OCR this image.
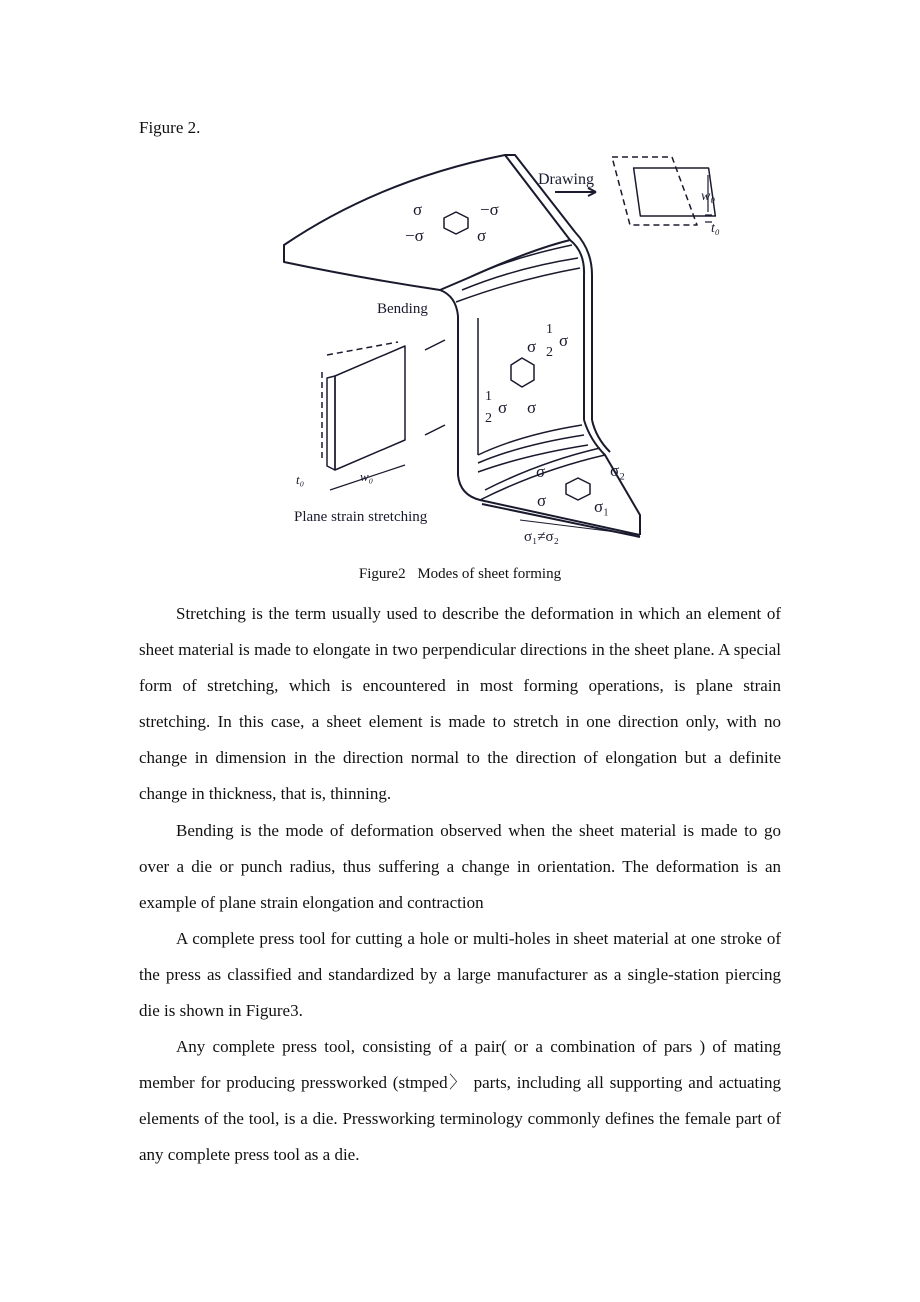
Figure 2.
Drawing
Bending
Plane strain stretching
σ	−σ
−σ	σ
σ
1
2
σ
1
2
σ σ
σ
σ
σ₂
σ₁
σ₁≠σ₂
w₀
t₀
t₀	w₀
Figure2 Modes of sheet forming

Stretching is the term usually used to describe the deformation in which an element of sheet material is made to elongate in two perpendicular directions in the sheet plane. A special form of stretching, which is encountered in most forming operations, is plane strain stretching. In this case, a sheet element is made to stretch in one direction only, with no change in dimension in the direction normal to the direction of elongation but a definite change in thickness, that is, thinning.

Bending is the mode of deformation observed when the sheet material is made to go over a die or punch radius, thus suffering a change in orientation. The deformation is an example of plane strain elongation and contraction

A complete press tool for cutting a hole or multi-holes in sheet material at one stroke of the press as classified and standardized by a large manufacturer as a single-station piercing die is shown in Figure3.

Any complete press tool, consisting of a pair( or a combination of pars ) of mating member for producing pressworked (stmped〉 parts, including all supporting and actuating elements of the tool, is a die. Pressworking terminology commonly defines the female part of any complete press tool as a die.
